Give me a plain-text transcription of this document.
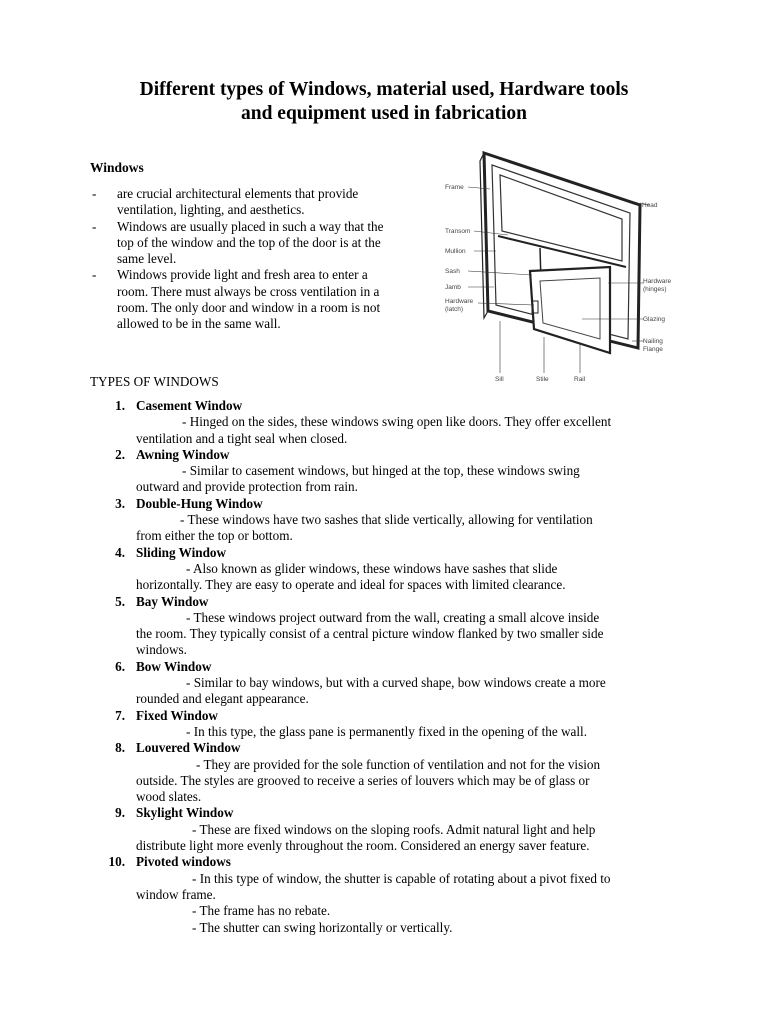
Different types of Windows, material used, Hardware tools
and equipment used in fabrication
Windows
- are crucial architectural elements that provide
ventilation, lighting, and aesthetics.
- Windows are usually placed in such a way that the
top of the window and the top of the door is at the
same level.
- Windows provide light and fresh area to enter a
room. There must always be cross ventilation in a
room. The only door and window in a room is not
allowed to be in the same wall.
Frame
Head
Transom
Mullion
Sash
Jamb
Hardware
(latch)
Hardware
(hinges)
Glazing
Nailing
Flange
Sill	Stile	Rail
TYPES OF WINDOWS
1. Casement Window
- Hinged on the sides, these windows swing open like doors. They offer excellent
ventilation and a tight seal when closed.
2. Awning Window
- Similar to casement windows, but hinged at the top, these windows swing
outward and provide protection from rain.
3. Double-Hung Window
- These windows have two sashes that slide vertically, allowing for ventilation
from either the top or bottom.
4. Sliding Window
- Also known as glider windows, these windows have sashes that slide
horizontally. They are easy to operate and ideal for spaces with limited clearance.
5. Bay Window
- These windows project outward from the wall, creating a small alcove inside
the room. They typically consist of a central picture window flanked by two smaller side
windows.
6. Bow Window
- Similar to bay windows, but with a curved shape, bow windows create a more
rounded and elegant appearance.
7. Fixed Window
- In this type, the glass pane is permanently fixed in the opening of the wall.
8. Louvered Window
- They are provided for the sole function of ventilation and not for the vision
outside. The styles are grooved to receive a series of louvers which may be of glass or
wood slates.
9. Skylight Window
- These are fixed windows on the sloping roofs. Admit natural light and help
distribute light more evenly throughout the room. Considered an energy saver feature.
10. Pivoted windows
- In this type of window, the shutter is capable of rotating about a pivot fixed to
window frame.
- The frame has no rebate.
- The shutter can swing horizontally or vertically.
